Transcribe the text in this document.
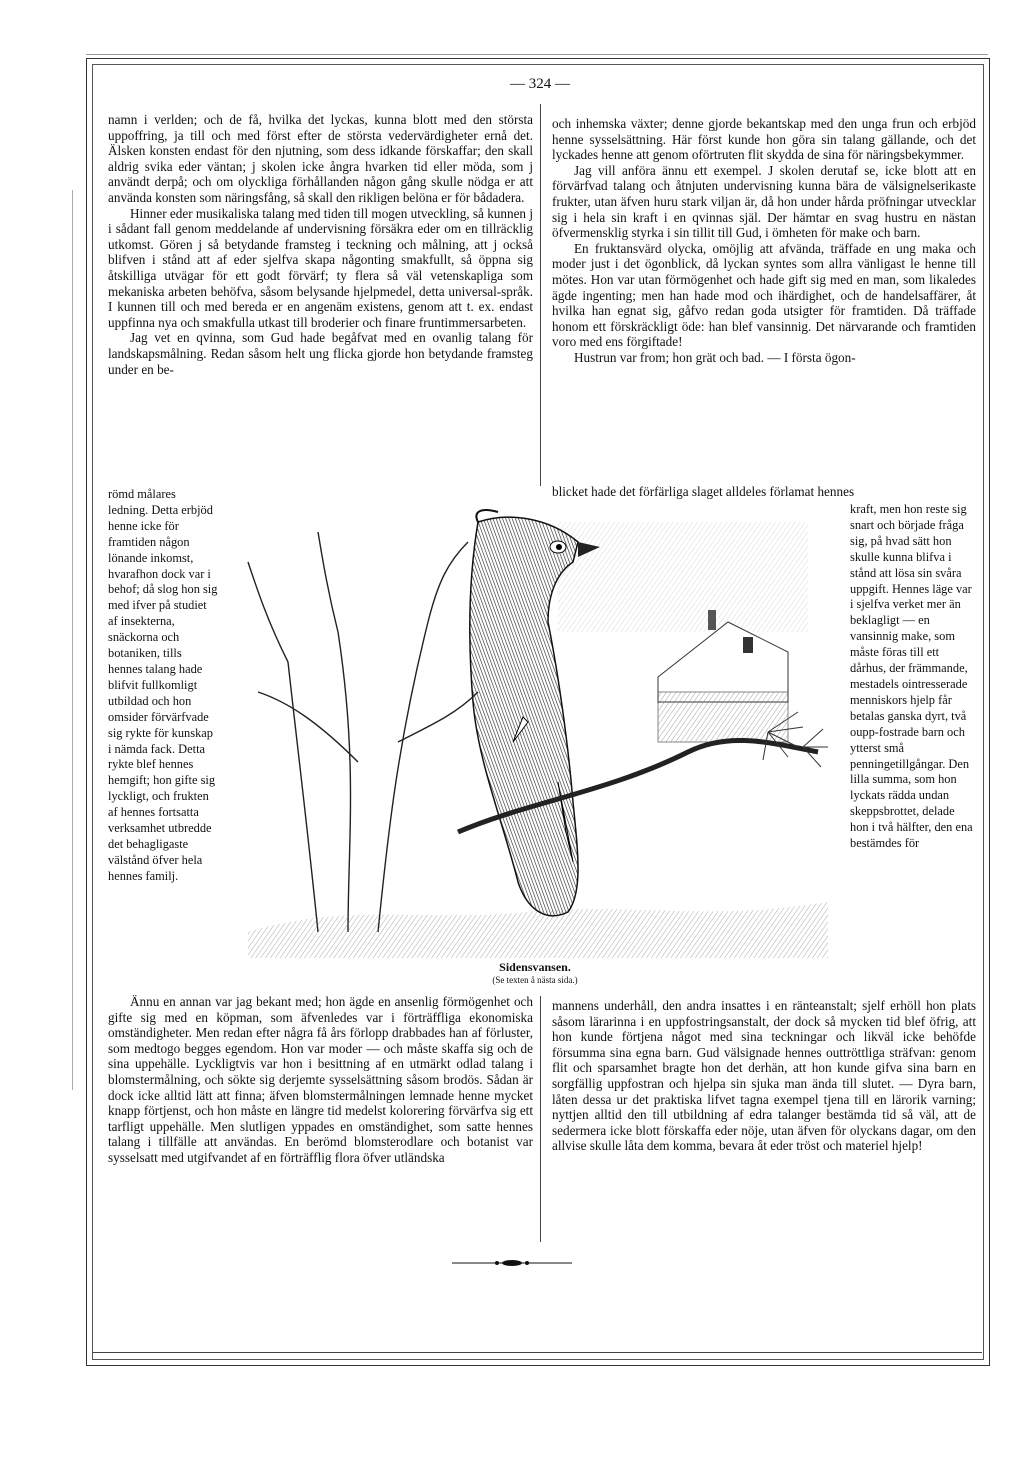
— 324 —

namn i verlden; och de få, hvilka det lyckas, kunna blott med den största uppoffring, ja till och med först efter de största vedervärdigheter ernå det. Älsken konsten endast för den njutning, som dess idkande förskaffar; den skall aldrig svika eder väntan; j skolen icke ångra hvarken tid eller möda, som j användt derpå; och om olyckliga förhållanden någon gång skulle nödga er att använda konsten som näringsfång, så skall den rikligen belöna er för bådadera.

Hinner eder musikaliska talang med tiden till mogen utveckling, så kunnen j i sådant fall genom meddelande af undervisning försäkra eder om en tillräcklig utkomst. Gören j så betydande framsteg i teckning och målning, att j också blifven i stånd att af eder sjelfva skapa någonting smakfullt, så öppna sig åtskilliga utvägar för ett godt förvärf; ty flera så väl vetenskapliga som mekaniska arbeten behöfva, såsom belysande hjelpmedel, detta universal-språk. I kunnen till och med bereda er en angenäm existens, genom att t. ex. endast uppfinna nya och smakfulla utkast till broderier och finare fruntimmersarbeten.

Jag vet en qvinna, som Gud hade begåfvat med en ovanlig talang för landskapsmålning. Redan såsom helt ung flicka gjorde hon betydande framsteg under en be-

och inhemska växter; denne gjorde bekantskap med den unga frun och erbjöd henne sysselsättning. Här först kunde hon göra sin talang gällande, och det lyckades henne att genom oförtruten flit skydda de sina för näringsbekymmer.

Jag vill anföra ännu ett exempel. J skolen derutaf se, icke blott att en förvärfvad talang och åtnjuten undervisning kunna bära de välsignelserikaste frukter, utan äfven huru stark viljan är, då hon under hårda pröfningar utvecklar sig i hela sin kraft i en qvinnas själ. Der hämtar en svag hustru en nästan öfvermensklig styrka i sin tillit till Gud, i ömheten för make och barn.

En fruktansvärd olycka, omöjlig att afvända, träffade en ung maka och moder just i det ögonblick, då lyckan syntes som allra vänligast le henne till mötes. Hon var utan förmögenhet och hade gift sig med en man, som likaledes ägde ingenting; men han hade mod och ihärdighet, och de handelsaffärer, åt hvilka han egnat sig, gåfvo redan goda utsigter för framtiden. Då träffade honom ett förskräckligt öde: han blef vansinnig. Det närvarande och framtiden voro med ens förgiftade!

Hustrun var from; hon grät och bad. — I första ögon-

blicket hade det förfärliga slaget alldeles förlamat hennes
römd målares ledning. Detta erbjöd henne icke för framtiden någon lönande inkomst, hvarafhon dock var i behof; då slog hon sig med ifver på studiet af insekterna, snäckorna och botaniken, tills hennes talang hade blifvit fullkomligt utbildad och hon omsider förvärfvade sig rykte för kunskap i nämda fack. Detta rykte blef hennes hemgift; hon gifte sig lyckligt, och frukten af hennes fortsatta verksamhet utbredde det behagligaste välstånd öfver hela hennes familj.
kraft, men hon reste sig snart och började fråga sig, på hvad sätt hon skulle kunna blifva i stånd att lösa sin svåra uppgift. Hennes läge var i sjelfva verket mer än beklagligt — en vansinnig make, som måste föras till ett dårhus, der främmande, mestadels ointresserade menniskors hjelp får betalas ganska dyrt, två oupp-fostrade barn och ytterst små penningetillgångar. Den lilla summa, som hon lyckats rädda undan skeppsbrottet, delade hon i två hälfter, den ena bestämdes för
Sidensvansen.
(Se texten å nästa sida.)

Ännu en annan var jag bekant med; hon ägde en ansenlig förmögenhet och gifte sig med en köpman, som äfvenledes var i förträffliga ekonomiska omständigheter. Men redan efter några få års förlopp drabbades han af förluster, som medtogo begges egendom. Hon var moder — och måste skaffa sig och de sina uppehälle. Lyckligtvis var hon i besittning af en utmärkt odlad talang i blomstermålning, och sökte sig derjemte sysselsättning såsom brodös. Sådan är dock icke alltid lätt att finna; äfven blomstermålningen lemnade henne mycket knapp förtjenst, och hon måste en längre tid medelst kolorering förvärfva sig ett tarfligt uppehälle. Men slutligen yppades en omständighet, som satte hennes talang i tillfälle att användas. En berömd blomsterodlare och botanist var sysselsatt med utgifvandet af en förträfflig flora öfver utländska

mannens underhåll, den andra insattes i en ränteanstalt; sjelf erhöll hon plats såsom lärarinna i en uppfostringsanstalt, der dock så mycken tid blef öfrig, att hon kunde förtjena något med sina teckningar och likväl icke behöfde försumma sina egna barn. Gud välsignade hennes outtröttliga sträfvan: genom flit och sparsamhet bragte hon det derhän, att hon kunde gifva sina barn en sorgfällig uppfostran och hjelpa sin sjuka man ända till slutet. — Dyra barn, låten dessa ur det praktiska lifvet tagna exempel tjena till en lärorik varning; nyttjen alltid den till utbildning af edra talanger bestämda tid så väl, att de sedermera icke blott förskaffa eder nöje, utan äfven för olyckans dagar, om den allvise skulle låta dem komma, bevara åt eder tröst och materiel hjelp!
